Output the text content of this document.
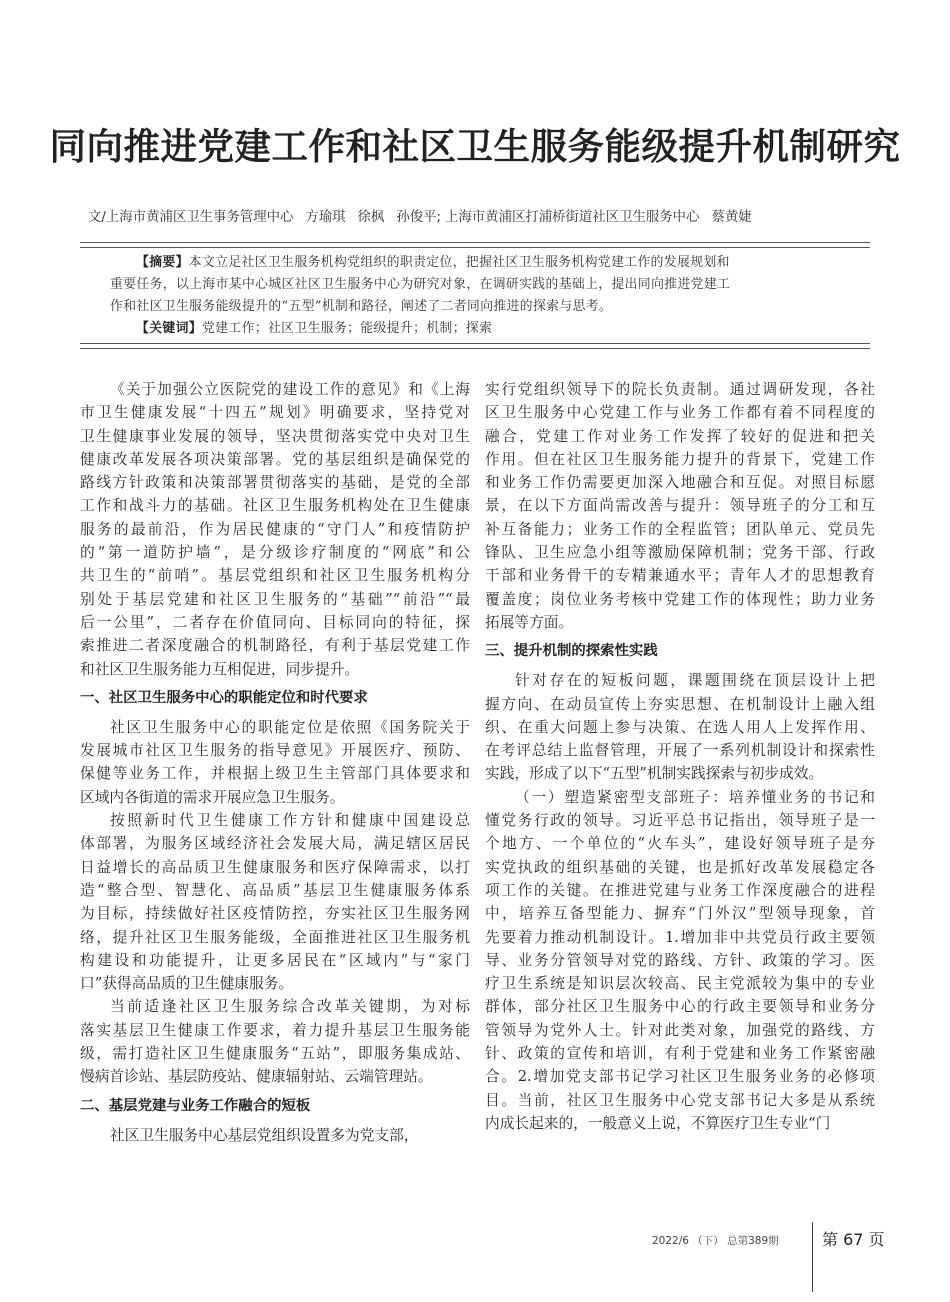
同向推进党建工作和社区卫生服务能级提升机制研究
文/上海市黄浦区卫生事务管理中心 方瑜琪 徐枫 孙俊平; 上海市黄浦区打浦桥街道社区卫生服务中心 蔡黄婕
【摘要】本文立足社区卫生服务机构党组织的职责定位，把握社区卫生服务机构党建工作的发展规划和
重要任务，以上海市某中心城区社区卫生服务中心为研究对象，在调研实践的基础上，提出同向推进党建工
作和社区卫生服务能级提升的“五型”机制和路径，阐述了二者同向推进的探索与思考。
【关键词】党建工作；社区卫生服务；能级提升；机制；探索
《关于加强公立医院党的建设工作的意见》和《上海
市卫生健康发展“十四五”规划》明确要求，坚持党对
卫生健康事业发展的领导，坚决贯彻落实党中央对卫生
健康改革发展各项决策部署。党的基层组织是确保党的
路线方针政策和决策部署贯彻落实的基础，是党的全部
工作和战斗力的基础。社区卫生服务机构处在卫生健康
服务的最前沿，作为居民健康的“守门人”和疫情防护
的“第一道防护墙”，是分级诊疗制度的“网底”和公
共卫生的“前哨”。基层党组织和社区卫生服务机构分
别处于基层党建和社区卫生服务的“基础”“前沿”“最
后一公里”，二者存在价值同向、目标同向的特征，探
索推进二者深度融合的机制路径，有利于基层党建工作
和社区卫生服务能力互相促进，同步提升。
一、社区卫生服务中心的职能定位和时代要求
社区卫生服务中心的职能定位是依照《国务院关于
发展城市社区卫生服务的指导意见》开展医疗、预防、
保健等业务工作，并根据上级卫生主管部门具体要求和
区域内各街道的需求开展应急卫生服务。
按照新时代卫生健康工作方针和健康中国建设总
体部署，为服务区域经济社会发展大局，满足辖区居民
日益增长的高品质卫生健康服务和医疗保障需求，以打
造“整合型、智慧化、高品质”基层卫生健康服务体系
为目标，持续做好社区疫情防控，夯实社区卫生服务网
络，提升社区卫生服务能级，全面推进社区卫生服务机
构建设和功能提升，让更多居民在“区域内”与“家门
口”获得高品质的卫生健康服务。
当前适逢社区卫生服务综合改革关键期，为对标
落实基层卫生健康工作要求，着力提升基层卫生服务能
级，需打造社区卫生健康服务“五站”，即服务集成站、
慢病首诊站、基层防疫站、健康辐射站、云端管理站。
二、基层党建与业务工作融合的短板
社区卫生服务中心基层党组织设置多为党支部，
实行党组织领导下的院长负责制。通过调研发现，各社
区卫生服务中心党建工作与业务工作都有着不同程度的
融合，党建工作对业务工作发挥了较好的促进和把关
作用。但在社区卫生服务能力提升的背景下，党建工作
和业务工作仍需要更加深入地融合和互促。对照目标愿
景，在以下方面尚需改善与提升：领导班子的分工和互
补互备能力；业务工作的全程监管；团队单元、党员先
锋队、卫生应急小组等激励保障机制；党务干部、行政
干部和业务骨干的专精兼通水平；青年人才的思想教育
覆盖度；岗位业务考核中党建工作的体现性；助力业务
拓展等方面。
三、提升机制的探索性实践
针对存在的短板问题，课题围绕在顶层设计上把
握方向、在动员宣传上夯实思想、在机制设计上融入组
织、在重大问题上参与决策、在选人用人上发挥作用、
在考评总结上监督管理，开展了一系列机制设计和探索性
实践，形成了以下“五型”机制实践探索与初步成效。
（一）塑造紧密型支部班子：培养懂业务的书记和
懂党务行政的领导。习近平总书记指出，领导班子是一
个地方、一个单位的“火车头”，建设好领导班子是夯
实党执政的组织基础的关键，也是抓好改革发展稳定各
项工作的关键。在推进党建与业务工作深度融合的进程
中，培养互备型能力、摒弃“门外汉”型领导现象，首
先要着力推动机制设计。1.增加非中共党员行政主要领
导、业务分管领导对党的路线、方针、政策的学习。医
疗卫生系统是知识层次较高、民主党派较为集中的专业
群体，部分社区卫生服务中心的行政主要领导和业务分
管领导为党外人士。针对此类对象，加强党的路线、方
针、政策的宣传和培训，有利于党建和业务工作紧密融
合。2.增加党支部书记学习社区卫生服务业务的必修项
目。当前，社区卫生服务中心党支部书记大多是从系统
内成长起来的，一般意义上说，不算医疗卫生专业“门
2022/6 （下） 总第389期	第 67 页
